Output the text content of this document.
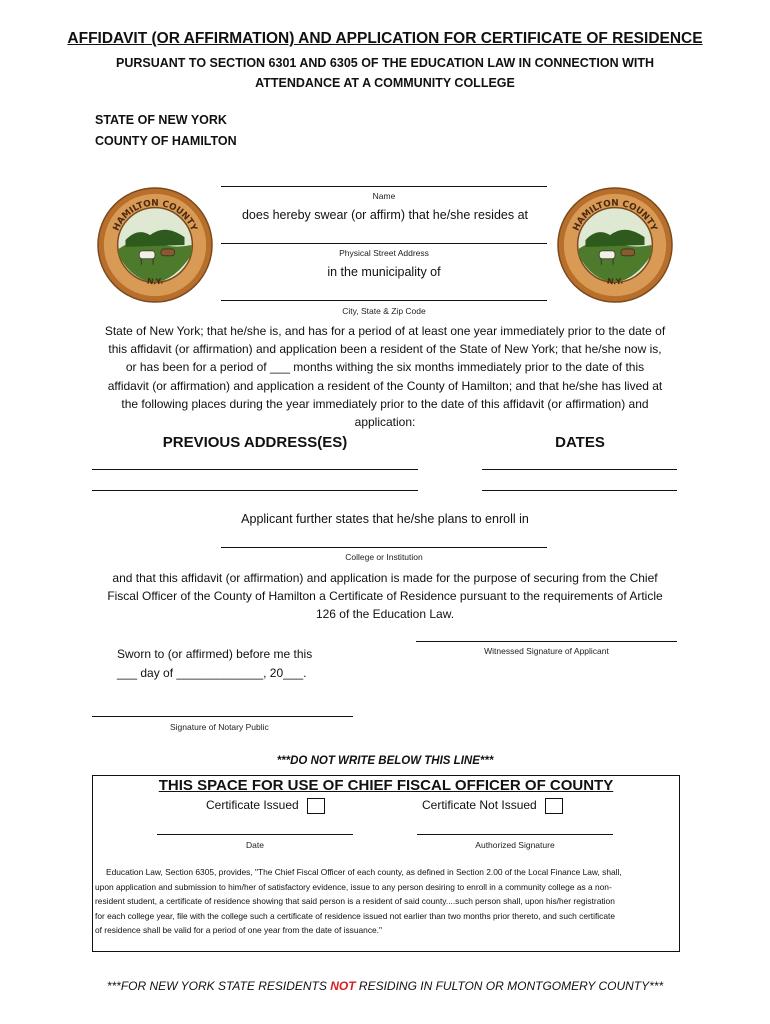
AFFIDAVIT (OR AFFIRMATION) AND APPLICATION FOR CERTIFICATE OF RESIDENCE
PURSUANT TO SECTION 6301 AND 6305 OF THE EDUCATION LAW IN CONNECTION WITH
ATTENDANCE AT A COMMUNITY COLLEGE
STATE OF NEW YORK
COUNTY OF HAMILTON
HAMILTON COUNTY
N.Y.
HAMILTON COUNTY
N.Y.
Name
does hereby swear (or affirm) that he/she resides at
Physical Street Address
in the municipality of
City, State & Zip Code
State of New York; that he/she is, and has for a period of at least one year immediately prior to the date of
this affidavit (or affirmation) and application been a resident of the State of New York; that he/she now is,
or has been for a period of ___ months withing the six months immediately prior to the date of this
affidavit (or affirmation) and application a resident of the County of Hamilton; and that he/she has lived at
the following places during the year immediately prior to the date of this affidavit (or affirmation) and
application:
PREVIOUS ADDRESS(ES)	DATES
Applicant further states that he/she plans to enroll in
College or Institution
and that this affidavit (or affirmation) and application is made for the purpose of securing from the Chief
Fiscal Officer of the County of Hamilton a Certificate of Residence pursuant to the requirements of Article
126 of the Education Law.
Witnessed Signature of Applicant
Sworn to (or affirmed) before me this
___ day of _____________, 20___.
Signature of Notary Public
***DO NOT WRITE BELOW THIS LINE***
THIS SPACE FOR USE OF CHIEF FISCAL OFFICER OF COUNTY
Certificate Issued	Certificate Not Issued
Date	Authorized Signature
Education Law, Section 6305, provides, "The Chief Fiscal Officer of each county, as defined in Section 2.00 of the Local Finance Law, shall,
upon application and submission to him/her of satisfactory evidence, issue to any person desiring to enroll in a community college as a non-
resident student, a certificate of residence showing that said person is a resident of said county....such person shall, upon his/her registration
for each college year, file with the college such a certificate of residence issued not earlier than two months prior thereto, and such certificate
of residence shall be valid for a period of one year from the date of issuance."
***FOR NEW YORK STATE RESIDENTS NOT RESIDING IN FULTON OR MONTGOMERY COUNTY***
